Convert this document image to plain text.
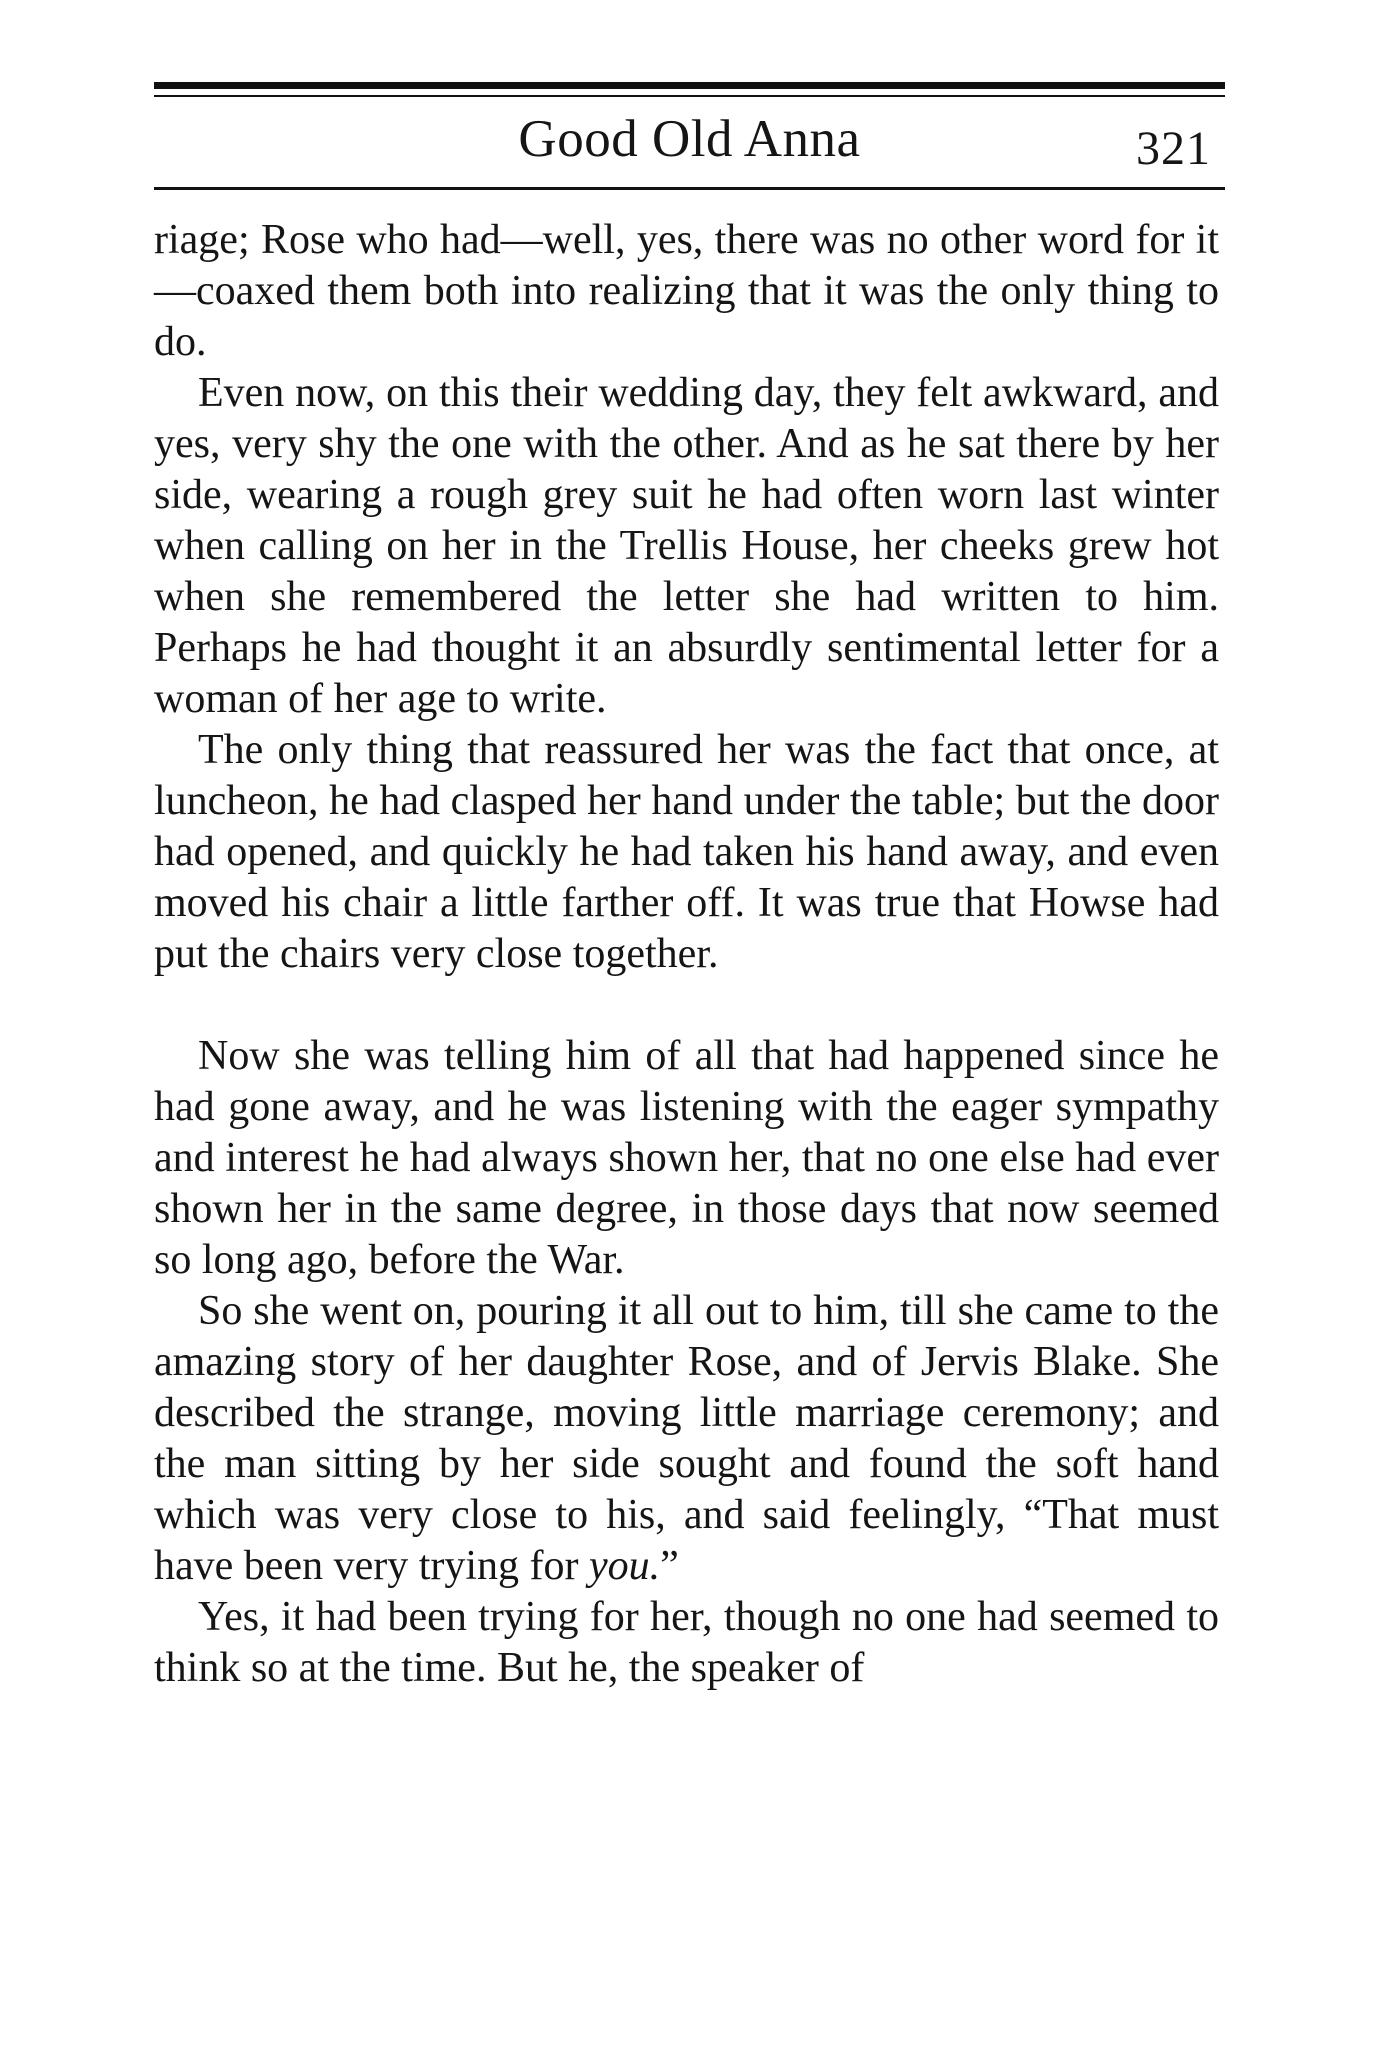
Good Old Anna	321

riage; Rose who had—well, yes, there was no other word for it—coaxed them both into realizing that it was the only thing to do.

Even now, on this their wedding day, they felt awkward, and yes, very shy the one with the other. And as he sat there by her side, wearing a rough grey suit he had often worn last winter when calling on her in the Trellis House, her cheeks grew hot when she remembered the letter she had written to him. Perhaps he had thought it an absurdly sentimental letter for a woman of her age to write.

The only thing that reassured her was the fact that once, at luncheon, he had clasped her hand under the table; but the door had opened, and quickly he had taken his hand away, and even moved his chair a little farther off. It was true that Howse had put the chairs very close together.

Now she was telling him of all that had happened since he had gone away, and he was listening with the eager sympathy and interest he had always shown her, that no one else had ever shown her in the same degree, in those days that now seemed so long ago, before the War.

So she went on, pouring it all out to him, till she came to the amazing story of her daughter Rose, and of Jervis Blake. She described the strange, moving little marriage ceremony; and the man sitting by her side sought and found the soft hand which was very close to his, and said feelingly, “That must have been very trying for you.”

Yes, it had been trying for her, though no one had seemed to think so at the time. But he, the speaker of
